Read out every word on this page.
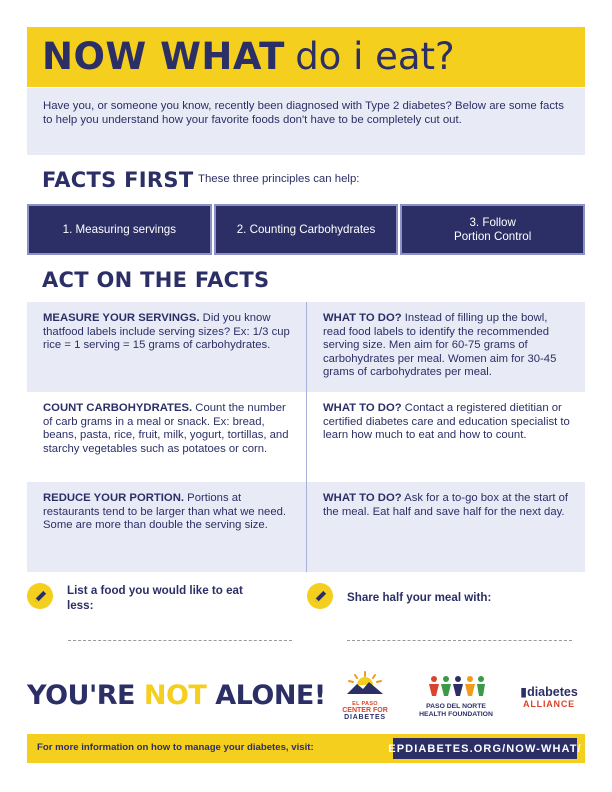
NOW WHAT do i eat?

Have you, or someone you know, recently been diagnosed with Type 2 diabetes? Below are some facts to help you understand how your favorite foods don't have to be completely cut out.

FACTS FIRST These three principles can help:
1. Measuring servings	2. Counting Carbohydrates
3. Follow
Portion Control
ACT ON THE FACTS
MEASURE YOUR SERVINGS. Did you know thatfood labels include serving sizes? Ex: 1/3 cup rice = 1 serving = 15 grams of carbohydrates.
WHAT TO DO? Instead of filling up the bowl, read food labels to identify the recommended serving size. Men aim for 60-75 grams of carbohydrates per meal. Women aim for 30-45 grams of carbohydrates per meal.
COUNT CARBOHYDRATES. Count the number of carb grams in a meal or snack. Ex: bread, beans, pasta, rice, fruit, milk, yogurt, tortillas, and starchy vegetables such as potatoes or corn.
WHAT TO DO? Contact a registered dietitian or certified diabetes care and education specialist to learn how much to eat and how to count.
REDUCE YOUR PORTION. Portions at restaurants tend to be larger than what we need. Some are more than double the serving size.
WHAT TO DO? Ask for a to-go box at the start of the meal. Eat half and save half for the next day.
List a food you would like to eat less:
Share half your meal with:
YOU'RE NOT ALONE!	EL PASO
CENTER FOR
DIABETES
PASO DEL NORTE
HEALTH FOUNDATION
▮diabetes
ALLIANCE
For more information on how to manage your diabetes, visit:	EPDIABETES.ORG/NOW-WHAT/
